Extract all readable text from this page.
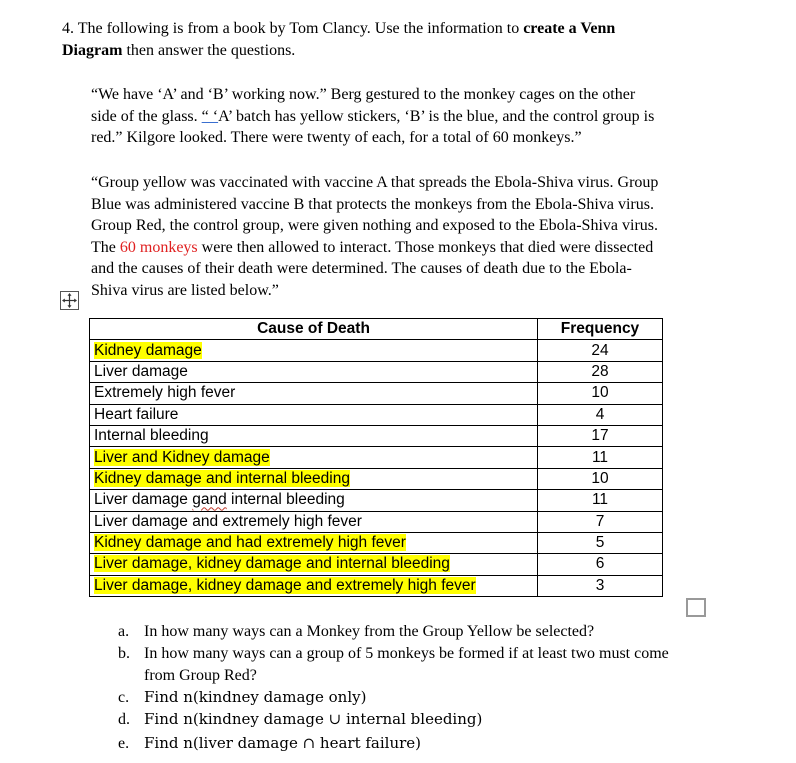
4. The following is from a book by Tom Clancy. Use the information to create a Venn
Diagram then answer the questions.
“We have ‘A’ and ‘B’ working now.” Berg gestured to the monkey cages on the other
side of the glass. “ ‘A’ batch has yellow stickers, ‘B’ is the blue, and the control group is
red.” Kilgore looked. There were twenty of each, for a total of 60 monkeys.”
“Group yellow was vaccinated with vaccine A that spreads the Ebola-Shiva virus. Group
Blue was administered vaccine B that protects the monkeys from the Ebola-Shiva virus.
Group Red, the control group, were given nothing and exposed to the Ebola-Shiva virus.
The 60 monkeys were then allowed to interact. Those monkeys that died were dissected
and the causes of their death were determined. The causes of death due to the Ebola-
Shiva virus are listed below.”
Cause of Death	Frequency
Kidney damage	24
Liver damage	28
Extremely high fever	10
Heart failure	4
Internal bleeding	17
Liver and Kidney damage	11
Kidney damage and internal bleeding	10
Liver damage gand internal bleeding	11
Liver damage and extremely high fever	7
Kidney damage and had extremely high fever	5
Liver damage, kidney damage and internal bleeding	6
Liver damage, kidney damage and extremely high fever	3
a. In how many ways can a Monkey from the Group Yellow be selected?
b. In how many ways can a group of 5 monkeys be formed if at least two must come
from Group Red?
c. Find n(kindney damage only)
d. Find n(kindney damage ∪ internal bleeding)
e. Find n(liver damage ∩ heart failure)
